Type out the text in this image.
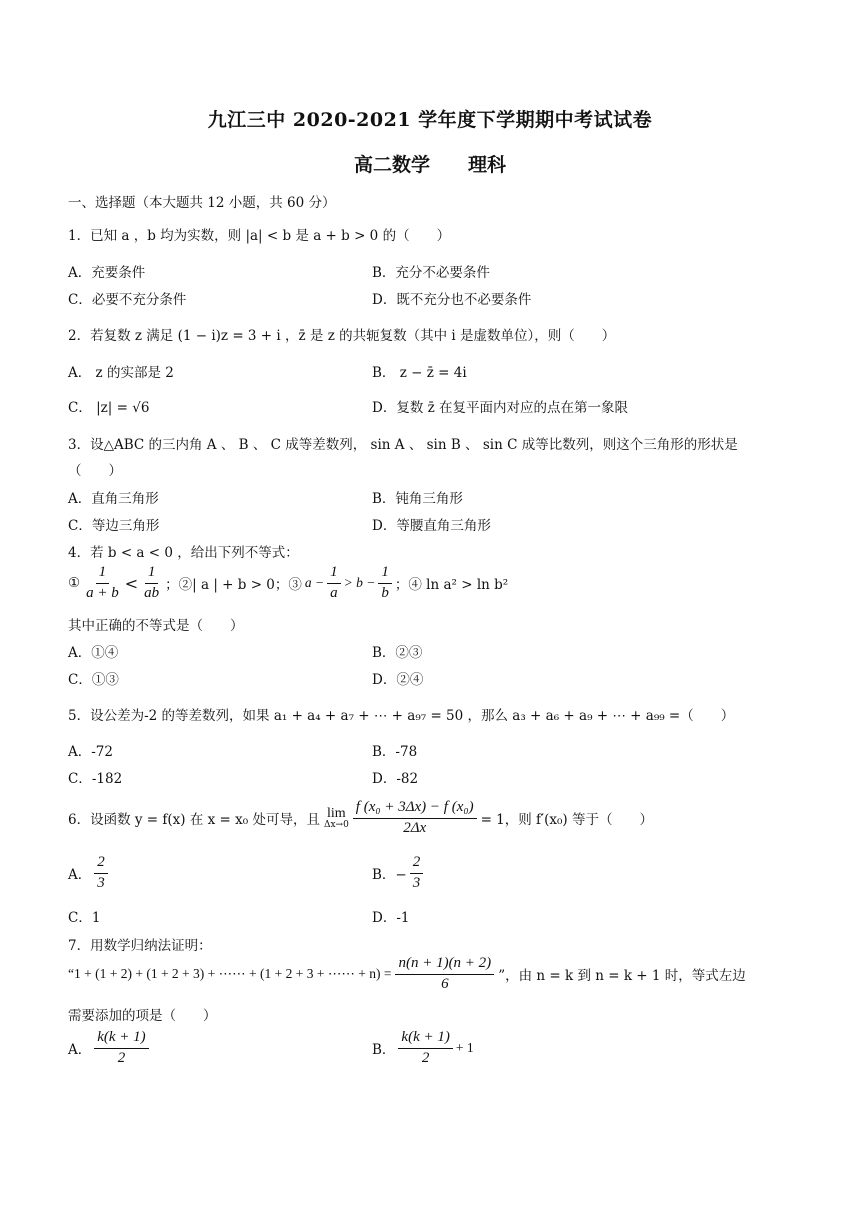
九江三中 2020-2021 学年度下学期期中考试试卷
高二数学　　理科
一、选择题（本大题共 12 小题，共 60 分）
1．已知 a ，b 均为实数，则 |a| < b 是 a + b > 0 的（　　）
A．充要条件	B．充分不必要条件
C．必要不充分条件	D．既不充分也不必要条件
2．若复数 z 满足 (1 − i)z = 3 + i ，z̄ 是 z 的共轭复数（其中 i 是虚数单位），则（　　）
A． z 的实部是 2	B． z − z̄ = 4i
C． |z| = √6	D．复数 z̄ 在复平面内对应的点在第一象限
3．设△ABC 的三内角 A 、 B 、 C 成等差数列， sin A 、 sin B 、 sin C 成等比数列，则这个三角形的形状是
（　　）
A．直角三角形	B．钝角三角形
C．等边三角形	D．等腰直角三角形
4．若 b < a < 0 ，给出下列不等式：
① $\frac{1}{a + b} < \frac{1}{ab}$ ；②| a | + b > 0；③ $a - \frac{1}{a} > b - \frac{1}{b}$ ；④ ln a² > ln b²
其中正确的不等式是（　　）
A．①④	B．②③
C．①③	D．②④
5．设公差为-2 的等差数列，如果 a₁ + a₄ + a₇ + ⋯ + a₉₇ = 50 ，那么 a₃ + a₆ + a₉ + ⋯ + a₉₉ =（　　）
A．-72	B．-78
C．-182	D．-82
6．设函数 y = f(x) 在 x = x₀ 处可导，且 lim
$\Delta x\to 0 \frac{\text{f (x₀ + 3Δx) − f (x₀)}}{2\Delta x} = 1$，则 f′(x₀) 等于（　　）
A． $\frac{2}{3}$	B．− $\frac{2}{3}$
C．1	D．-1
7．用数学归纳法证明：
“1 + (1 + 2) + (1 + 2 + 3) + ⋯⋯ + (1 + 2 + 3 + ⋯⋯ + $n) = \frac{n(n + 1)(n + 2)}{6}$ ”，由 n = k 到 n = k + 1 时，等式左边
需要添加的项是（　　）
A． $\frac{k(k + 1)}{2}$	B． $\frac{k(k + 1)}{2} + 1$
